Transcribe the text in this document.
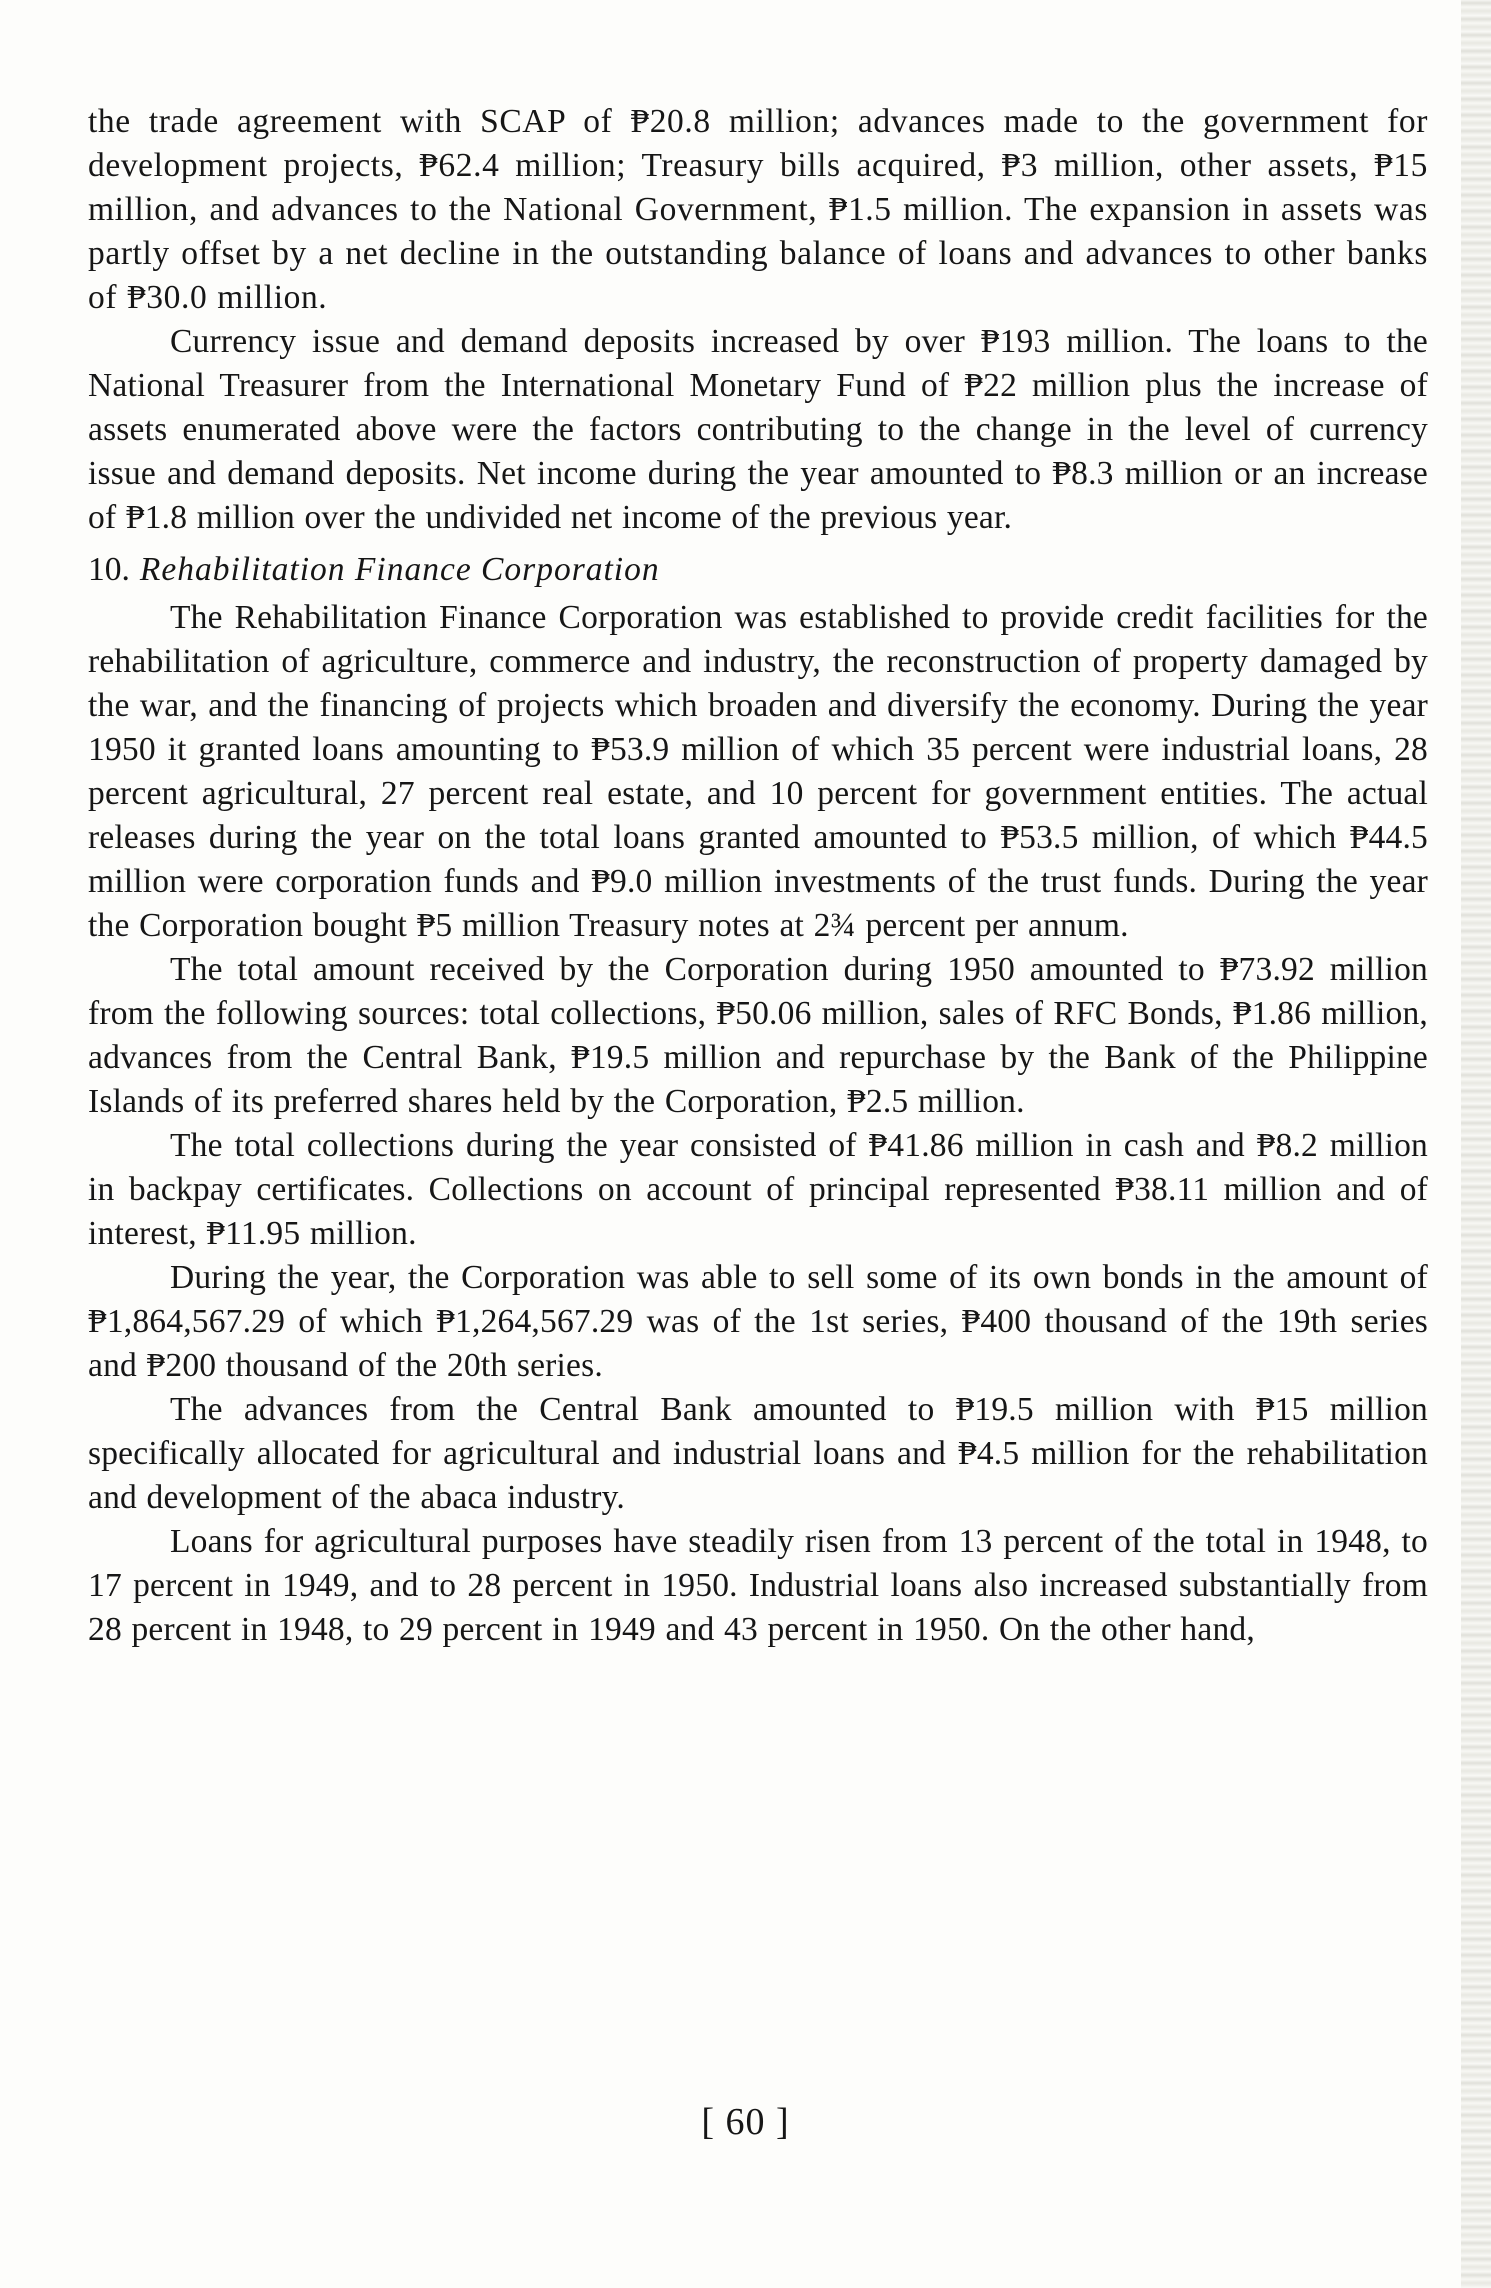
the trade agreement with SCAP of ₱20.8 million; advances made to the government for development projects, ₱62.4 million; Treasury bills acquired, ₱3 million, other assets, ₱15 million, and advances to the National Government, ₱1.5 million. The expansion in assets was partly offset by a net decline in the outstanding balance of loans and advances to other banks of ₱30.0 million.

Currency issue and demand deposits increased by over ₱193 million. The loans to the National Treasurer from the International Monetary Fund of ₱22 million plus the increase of assets enumerated above were the factors contributing to the change in the level of currency issue and demand deposits. Net income during the year amounted to ₱8.3 million or an increase of ₱1.8 million over the undivided net income of the previous year.

10. Rehabilitation Finance Corporation

The Rehabilitation Finance Corporation was established to provide credit facilities for the rehabilitation of agriculture, commerce and industry, the reconstruction of property damaged by the war, and the financing of projects which broaden and diversify the economy. During the year 1950 it granted loans amounting to ₱53.9 million of which 35 percent were industrial loans, 28 percent agricultural, 27 percent real estate, and 10 percent for government entities. The actual releases during the year on the total loans granted amounted to ₱53.5 million, of which ₱44.5 million were corporation funds and ₱9.0 million investments of the trust funds. During the year the Corporation bought ₱5 million Treasury notes at 2¾ percent per annum.

The total amount received by the Corporation during 1950 amounted to ₱73.92 million from the following sources: total collections, ₱50.06 million, sales of RFC Bonds, ₱1.86 million, advances from the Central Bank, ₱19.5 million and repurchase by the Bank of the Philippine Islands of its preferred shares held by the Corporation, ₱2.5 million.

The total collections during the year consisted of ₱41.86 million in cash and ₱8.2 million in backpay certificates. Collections on account of principal represented ₱38.11 million and of interest, ₱11.95 million.

During the year, the Corporation was able to sell some of its own bonds in the amount of ₱1,864,567.29 of which ₱1,264,567.29 was of the 1st series, ₱400 thousand of the 19th series and ₱200 thousand of the 20th series.

The advances from the Central Bank amounted to ₱19.5 million with ₱15 million specifically allocated for agricultural and industrial loans and ₱4.5 million for the rehabilitation and development of the abaca industry.

Loans for agricultural purposes have steadily risen from 13 percent of the total in 1948, to 17 percent in 1949, and to 28 percent in 1950. Industrial loans also increased substantially from 28 percent in 1948, to 29 percent in 1949 and 43 percent in 1950. On the other hand,

[ 60 ]
